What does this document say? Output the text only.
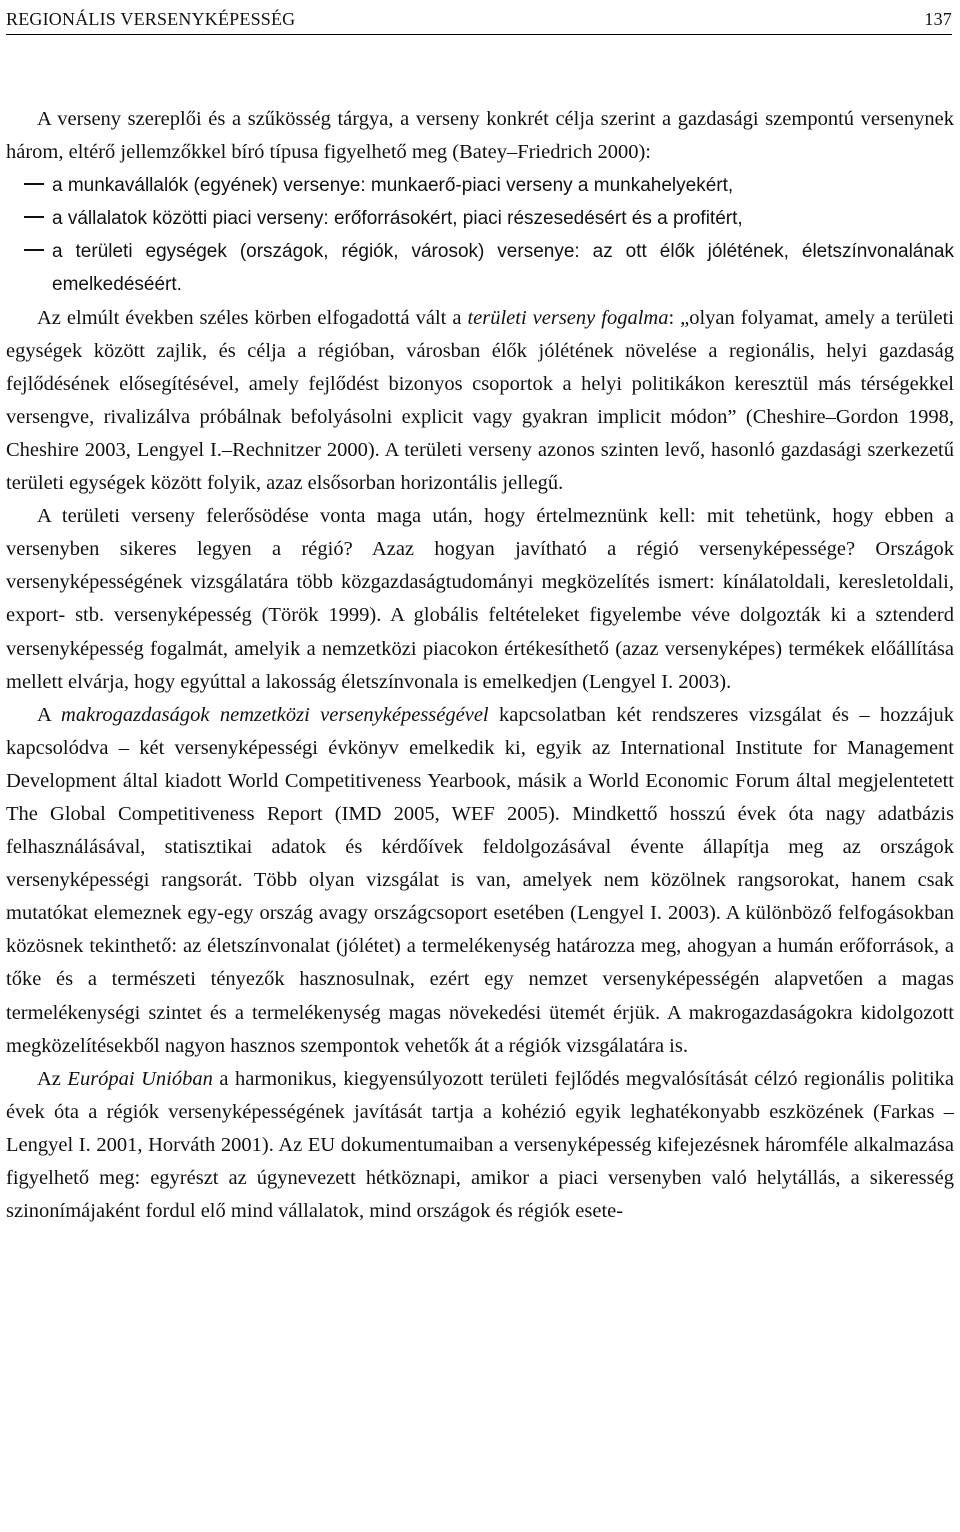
REGIONÁLIS VERSENYKÉPESSÉG	137

A verseny szereplői és a szűkösség tárgya, a verseny konkrét célja szerint a gazdasági szempontú versenynek három, eltérő jellemzőkkel bíró típusa figyelhető meg (Batey–Friedrich 2000):

a munkavállalók (egyének) versenye: munkaerő-piaci verseny a munkahelyekért,
a vállalatok közötti piaci verseny: erőforrásokért, piaci részesedésért és a profitért,
a területi egységek (országok, régiók, városok) versenye: az ott élők jólétének, életszínvonalának emelkedéséért.

Az elmúlt években széles körben elfogadottá vált a területi verseny fogalma: „olyan folyamat, amely a területi egységek között zajlik, és célja a régióban, városban élők jólétének növelése a regionális, helyi gazdaság fejlődésének elősegítésével, amely fejlődést bizonyos csoportok a helyi politikákon keresztül más térségekkel versengve, rivalizálva próbálnak befolyásolni explicit vagy gyakran implicit módon” (Cheshire–Gordon 1998, Cheshire 2003, Lengyel I.–Rechnitzer 2000). A területi verseny azonos szinten levő, hasonló gazdasági szerkezetű területi egységek között folyik, azaz elsősorban horizontális jellegű.

A területi verseny felerősödése vonta maga után, hogy értelmeznünk kell: mit tehetünk, hogy ebben a versenyben sikeres legyen a régió? Azaz hogyan javítható a régió versenyképessége? Országok versenyképességének vizsgálatára több közgazdaságtudományi megközelítés ismert: kínálatoldali, keresletoldali, export- stb. versenyképesség (Török 1999). A globális feltételeket figyelembe véve dolgozták ki a sztenderd versenyképesség fogalmát, amelyik a nemzetközi piacokon értékesíthető (azaz versenyképes) termékek előállítása mellett elvárja, hogy egyúttal a lakosság életszínvonala is emelkedjen (Lengyel I. 2003).

A makrogazdaságok nemzetközi versenyképességével kapcsolatban két rendszeres vizsgálat és – hozzájuk kapcsolódva – két versenyképességi évkönyv emelkedik ki, egyik az International Institute for Management Development által kiadott World Competitiveness Yearbook, másik a World Economic Forum által megjelentetett The Global Competitiveness Report (IMD 2005, WEF 2005). Mindkettő hosszú évek óta nagy adatbázis felhasználásával, statisztikai adatok és kérdőívek feldolgozásával évente állapítja meg az országok versenyképességi rangsorát. Több olyan vizsgálat is van, amelyek nem közölnek rangsorokat, hanem csak mutatókat elemeznek egy-egy ország avagy országcsoport esetében (Lengyel I. 2003). A különböző felfogásokban közösnek tekinthető: az életszínvonalat (jólétet) a termelékenység határozza meg, ahogyan a humán erőforrások, a tőke és a természeti tényezők hasznosulnak, ezért egy nemzet versenyképességén alapvetően a magas termelékenységi szintet és a termelékenység magas növekedési ütemét érjük. A makrogazdaságokra kidolgozott megközelítésekből nagyon hasznos szempontok vehetők át a régiók vizsgálatára is.

Az Európai Unióban a harmonikus, kiegyensúlyozott területi fejlődés megvalósítását célzó regionális politika évek óta a régiók versenyképességének javítását tartja a kohézió egyik leghatékonyabb eszközének (Farkas – Lengyel I. 2001, Horváth 2001). Az EU dokumentumaiban a versenyképesség kifejezésnek háromféle alkalmazása figyelhető meg: egyrészt az úgynevezett hétköznapi, amikor a piaci versenyben való helytállás, a sikeresség szinonímájaként fordul elő mind vállalatok, mind országok és régiók esete-
